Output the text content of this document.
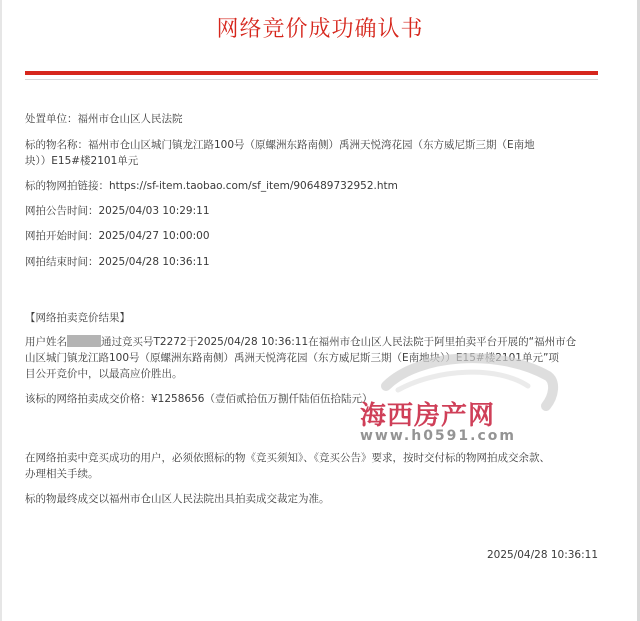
网络竞价成功确认书
处置单位：福州市仓山区人民法院
标的物名称：福州市仓山区城门镇龙江路100号（原螺洲东路南侧）禹洲天悦湾花园（东方威尼斯三期（E南地
块））E15#楼2101单元
标的物网拍链接：https://sf-item.taobao.com/sf_item/906489732952.htm
网拍公告时间：2025/04/03 10:29:11
网拍开始时间：2025/04/27 10:00:00
网拍结束时间：2025/04/28 10:36:11
【网络拍卖竞价结果】
用户姓名	通过竞买号T2272于2025/04/28 10:36:11在福州市仓山区人民法院于阿里拍卖平台开展的“福州市仓
山区城门镇龙江路100号（原螺洲东路南侧）禹洲天悦湾花园（东方威尼斯三期（E南地块））E15#楼2101单元”项
目公开竞价中，以最高应价胜出。
该标的网络拍卖成交价格：¥1258656（壹佰贰拾伍万捌仟陆佰伍拾陆元）
在网络拍卖中竞买成功的用户，必须依照标的物《竞买须知》、《竞买公告》要求，按时交付标的物网拍成交余款、
办理相关手续。
标的物最终成交以福州市仓山区人民法院出具拍卖成交裁定为准。
2025/04/28 10:36:11
海西房产网
www.h0591.com
